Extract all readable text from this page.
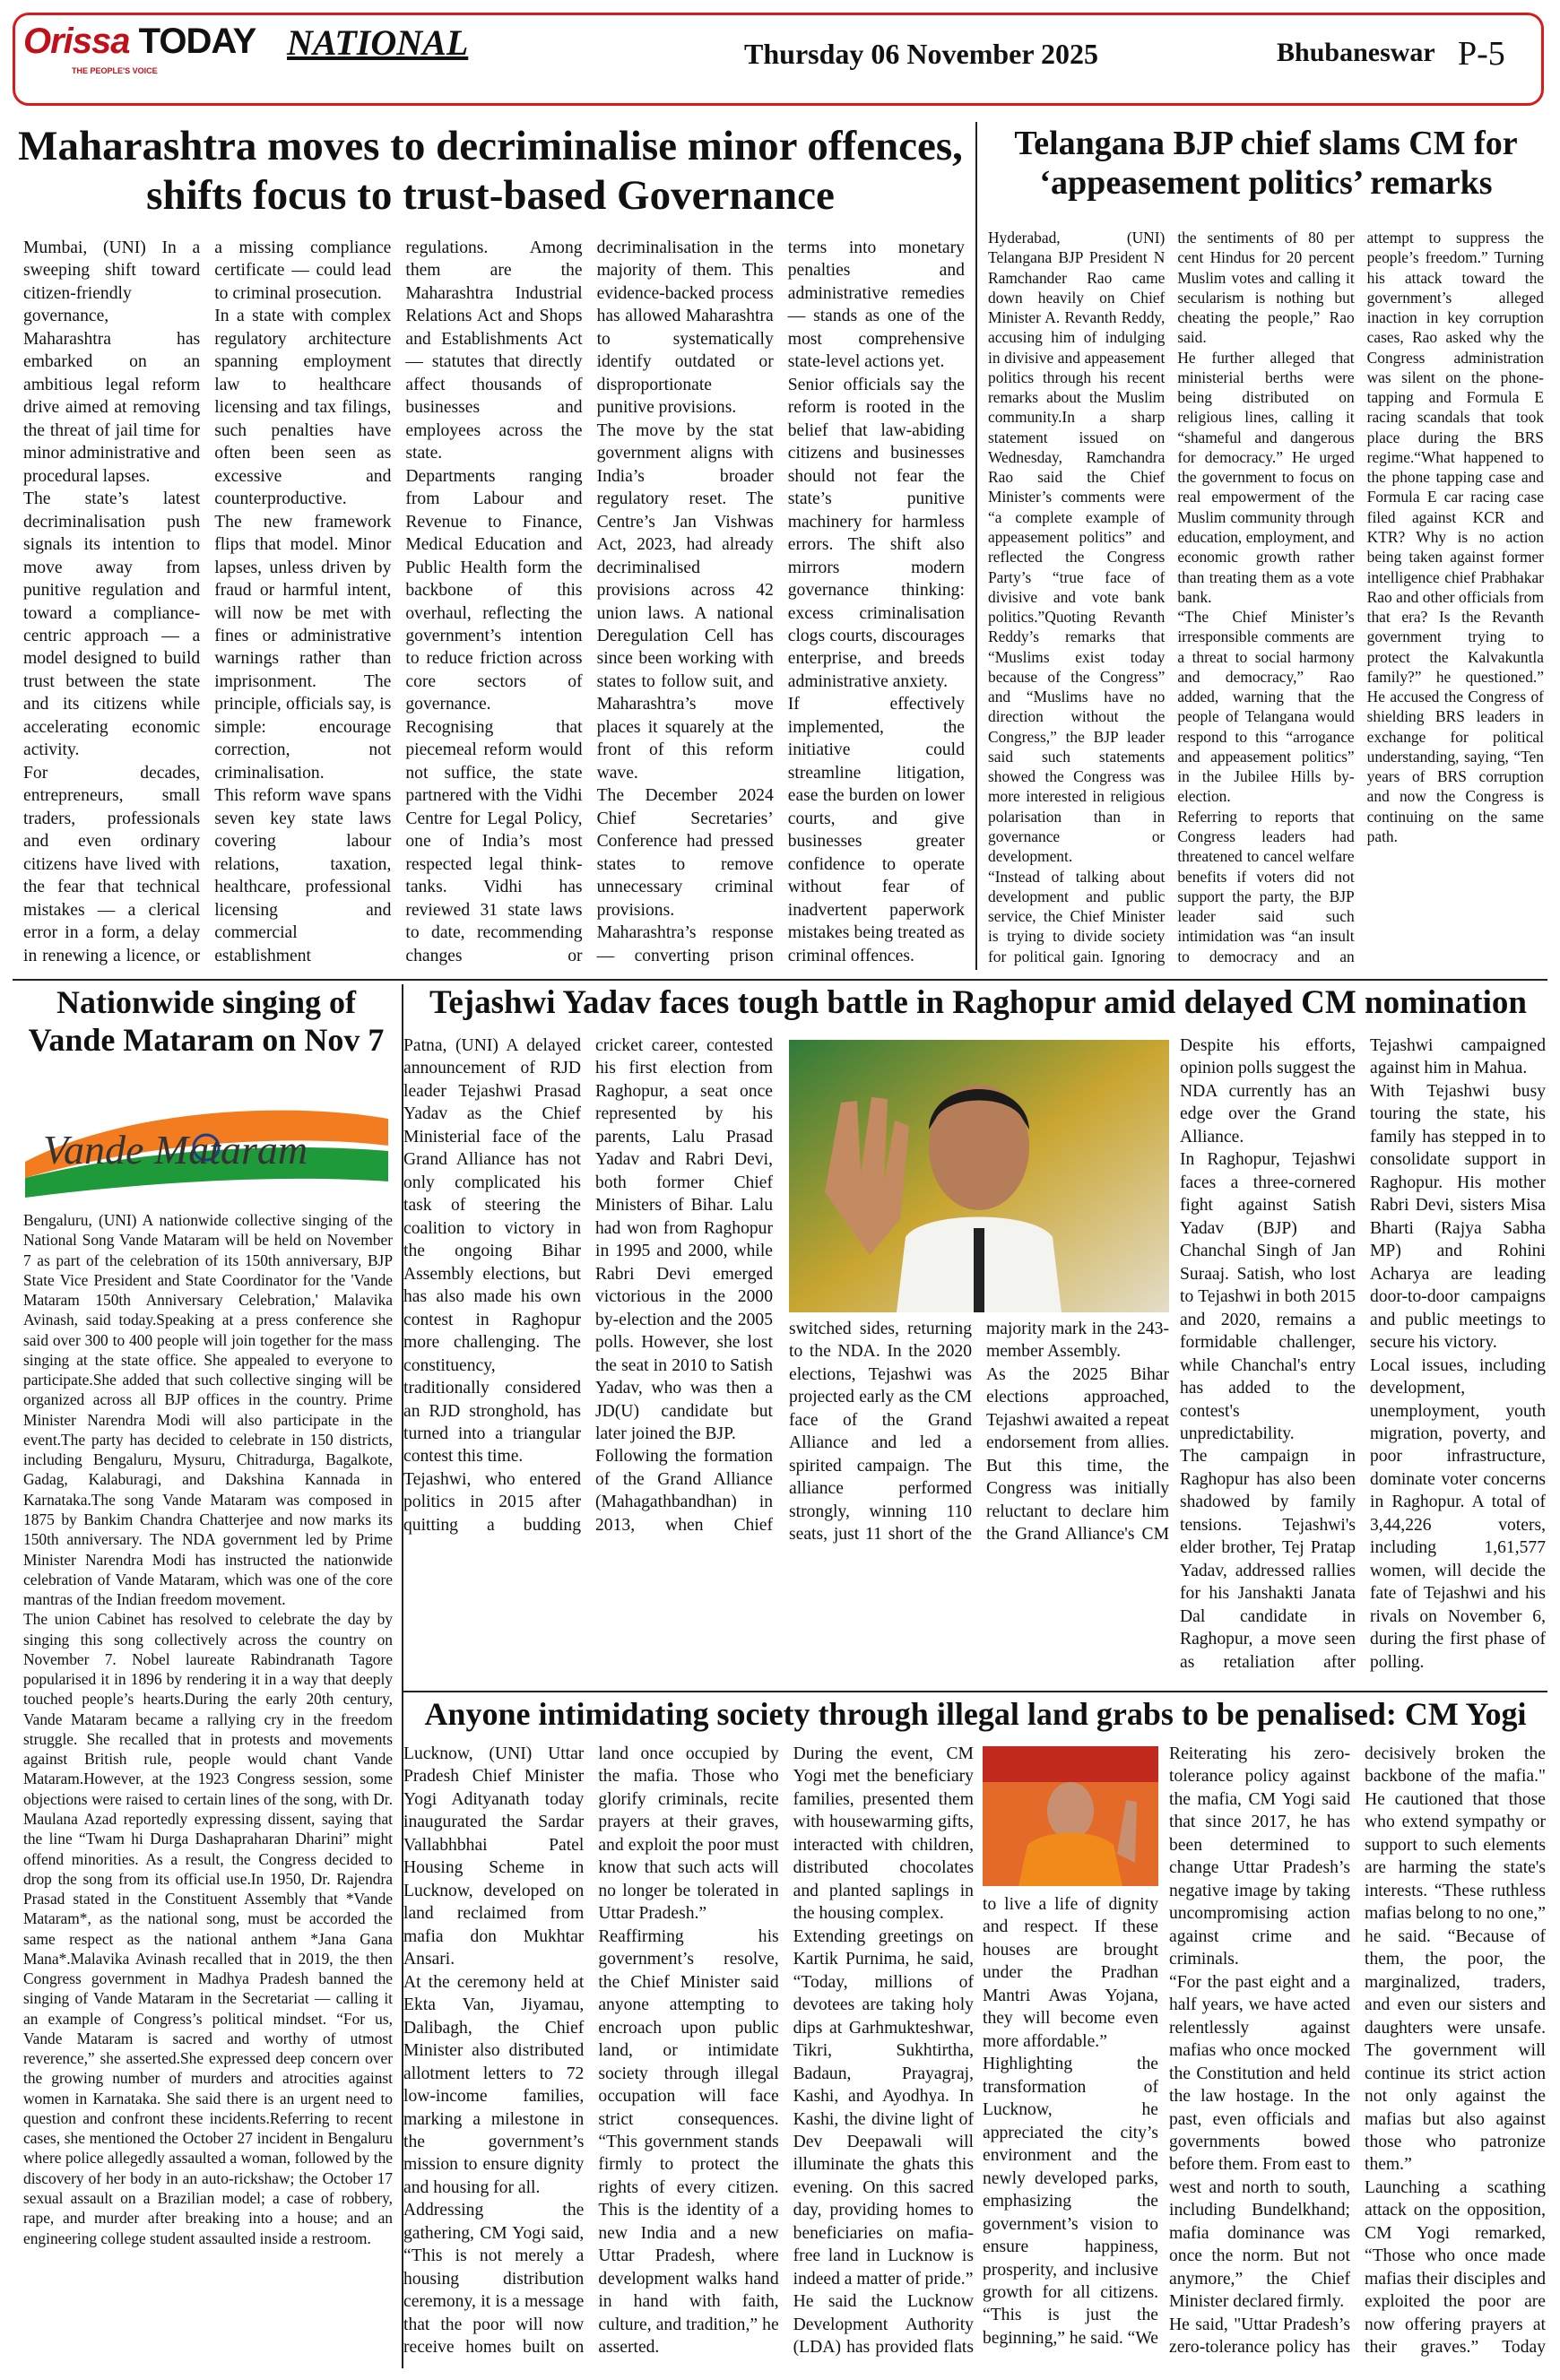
Orissa TODAY
THE PEOPLE'S VOICE
NATIONAL	Thursday 06 November 2025	Bhubaneswar P-5
Maharashtra moves to decriminalise minor offences, shifts focus to trust-based Governance

Mumbai, (UNI) In a sweeping shift toward citizen-friendly governance, Maharashtra has embarked on an ambitious legal reform drive aimed at removing the threat of jail time for minor administrative and procedural lapses.

The state’s latest decriminalisation push signals its intention to move away from punitive regulation and toward a compliance-centric approach — a model designed to build trust between the state and its citizens while accelerating economic activity.

For decades, entrepreneurs, small traders, professionals and even ordinary citizens have lived with the fear that technical mistakes — a clerical error in a form, a delay in renewing a licence, or a missing compliance certificate — could lead to criminal prosecution.

In a state with complex regulatory architecture spanning employment law to healthcare licensing and tax filings, such penalties have often been seen as excessive and counterproductive.

The new framework flips that model. Minor lapses, unless driven by fraud or harmful intent, will now be met with fines or administrative warnings rather than imprisonment. The principle, officials say, is simple: encourage correction, not criminalisation.

This reform wave spans seven key state laws covering labour relations, taxation, healthcare, professional licensing and commercial establishment regulations. Among them are the Maharashtra Industrial Relations Act and Shops and Establishments Act — statutes that directly affect thousands of businesses and employees across the state.

Departments ranging from Labour and Revenue to Finance, Medical Education and Public Health form the backbone of this overhaul, reflecting the government’s intention to reduce friction across core sectors of governance.

Recognising that piecemeal reform would not suffice, the state partnered with the Vidhi Centre for Legal Policy, one of India’s most respected legal think-tanks. Vidhi has reviewed 31 state laws to date, recommending changes or decriminalisation in the majority of them. This evidence-backed process has allowed Maharashtra to systematically identify outdated or disproportionate punitive provisions.

The move by the stat government aligns with India’s broader regulatory reset. The Centre’s Jan Vishwas Act, 2023, had already decriminalised provisions across 42 union laws. A national Deregulation Cell has since been working with states to follow suit, and Maharashtra’s move places it squarely at the front of this reform wave.

The December 2024 Chief Secretaries’ Conference had pressed states to remove unnecessary criminal provisions. Maharashtra’s response — converting prison terms into monetary penalties and administrative remedies — stands as one of the most comprehensive state-level actions yet.

Senior officials say the reform is rooted in the belief that law-abiding citizens and businesses should not fear the state’s punitive machinery for harmless errors. The shift also mirrors modern governance thinking: excess criminalisation clogs courts, discourages enterprise, and breeds administrative anxiety.

If effectively implemented, the initiative could streamline litigation, ease the burden on lower courts, and give businesses greater confidence to operate without fear of inadvertent paperwork mistakes being treated as criminal offences.

Telangana BJP chief slams CM for ‘appeasement politics’ remarks

Hyderabad, (UNI) Telangana BJP President N Ramchander Rao came down heavily on Chief Minister A. Revanth Reddy, accusing him of indulging in divisive and appeasement politics through his recent remarks about the Muslim community.In a sharp statement issued on Wednesday, Ramchandra Rao said the Chief Minister’s comments were “a complete example of appeasement politics” and reflected the Congress Party’s “true face of divisive and vote bank politics.”Quoting Revanth Reddy’s remarks that “Muslims exist today because of the Congress” and “Muslims have no direction without the Congress,” the BJP leader said such statements showed the Congress was more interested in religious polarisation than in governance or development.

“Instead of talking about development and public service, the Chief Minister is trying to divide society for political gain. Ignoring the sentiments of 80 per cent Hindus for 20 percent Muslim votes and calling it secularism is nothing but cheating the people,” Rao said.

He further alleged that ministerial berths were being distributed on religious lines, calling it “shameful and dangerous for democracy.” He urged the government to focus on real empowerment of the Muslim community through education, employment, and economic growth rather than treating them as a vote bank.

“The Chief Minister’s irresponsible comments are a threat to social harmony and democracy,” Rao added, warning that the people of Telangana would respond to this “arrogance and appeasement politics” in the Jubilee Hills by-election.

Referring to reports that Congress leaders had threatened to cancel welfare benefits if voters did not support the party, the BJP leader said such intimidation was “an insult to democracy and an attempt to suppress the people’s freedom.” Turning his attack toward the government’s alleged inaction in key corruption cases, Rao asked why the Congress administration was silent on the phone-tapping and Formula E racing scandals that took place during the BRS regime.“What happened to the phone tapping case and Formula E car racing case filed against KCR and KTR? Why is no action being taken against former intelligence chief Prabhakar Rao and other officials from that era? Is the Revanth government trying to protect the Kalvakuntla family?” he questioned.” He accused the Congress of shielding BRS leaders in exchange for political understanding, saying, “Ten years of BRS corruption and now the Congress is continuing on the same path.

Nationwide singing of Vande Mataram on Nov 7
Vande Mataram

Bengaluru, (UNI) A nationwide collective singing of the National Song Vande Mataram will be held on November 7 as part of the celebration of its 150th anniversary, BJP State Vice President and State Coordinator for the 'Vande Mataram 150th Anniversary Celebration,' Malavika Avinash, said today.Speaking at a press conference she said over 300 to 400 people will join together for the mass singing at the state office. She appealed to everyone to participate.She added that such collective singing will be organized across all BJP offices in the country. Prime Minister Narendra Modi will also participate in the event.The party has decided to celebrate in 150 districts, including Bengaluru, Mysuru, Chitradurga, Bagalkote, Gadag, Kalaburagi, and Dakshina Kannada in Karnataka.The song Vande Mataram was composed in 1875 by Bankim Chandra Chatterjee and now marks its 150th anniversary. The NDA government led by Prime Minister Narendra Modi has instructed the nationwide celebration of Vande Mataram, which was one of the core mantras of the Indian freedom movement.

The union Cabinet has resolved to celebrate the day by singing this song collectively across the country on November 7. Nobel laureate Rabindranath Tagore popularised it in 1896 by rendering it in a way that deeply touched people’s hearts.During the early 20th century, Vande Mataram became a rallying cry in the freedom struggle. She recalled that in protests and movements against British rule, people would chant Vande Mataram.However, at the 1923 Congress session, some objections were raised to certain lines of the song, with Dr. Maulana Azad reportedly expressing dissent, saying that the line “Twam hi Durga Dashapraharan Dharini” might offend minorities. As a result, the Congress decided to drop the song from its official use.In 1950, Dr. Rajendra Prasad stated in the Constituent Assembly that *Vande Mataram*, as the national song, must be accorded the same respect as the national anthem *Jana Gana Mana*.Malavika Avinash recalled that in 2019, the then Congress government in Madhya Pradesh banned the singing of Vande Mataram in the Secretariat — calling it an example of Congress’s political mindset. “For us, Vande Mataram is sacred and worthy of utmost reverence,” she asserted.She expressed deep concern over the growing number of murders and atrocities against women in Karnataka. She said there is an urgent need to question and confront these incidents.Referring to recent cases, she mentioned the October 27 incident in Bengaluru where police allegedly assaulted a woman, followed by the discovery of her body in an auto-rickshaw; the October 17 sexual assault on a Brazilian model; a case of robbery, rape, and murder after breaking into a house; and an engineering college student assaulted inside a restroom.

Tejashwi Yadav faces tough battle in Raghopur amid delayed CM nomination

Patna, (UNI) A delayed announcement of RJD leader Tejashwi Prasad Yadav as the Chief Ministerial face of the Grand Alliance has not only complicated his task of steering the coalition to victory in the ongoing Bihar Assembly elections, but has also made his own contest in Raghopur more challenging. The constituency, traditionally considered an RJD stronghold, has turned into a triangular contest this time.

Tejashwi, who entered politics in 2015 after quitting a budding cricket career, contested his first election from Raghopur, a seat once represented by his parents, Lalu Prasad Yadav and Rabri Devi, both former Chief Ministers of Bihar. Lalu had won from Raghopur in 1995 and 2000, while Rabri Devi emerged victorious in the 2000 by-election and the 2005 polls. However, she lost the seat in 2010 to Satish Yadav, who was then a JD(U) candidate but later joined the BJP.

Following the formation of the Grand Alliance (Mahagathbandhan) in 2013, when Chief

switched sides, returning to the NDA. In the 2020 elections, Tejashwi was projected early as the CM face of the Grand Alliance and led a spirited campaign. The alliance performed strongly, winning 110 seats, just 11 short of the majority mark in the 243-member Assembly.

As the 2025 Bihar elections approached, Tejashwi awaited a repeat endorsement from allies. But this time, the Congress was initially reluctant to declare him the Grand Alliance's CM

Despite his efforts, opinion polls suggest the NDA currently has an edge over the Grand Alliance.

In Raghopur, Tejashwi faces a three-cornered fight against Satish Yadav (BJP) and Chanchal Singh of Jan Suraaj. Satish, who lost to Tejashwi in both 2015 and 2020, remains a formidable challenger, while Chanchal's entry has added to the contest's unpredictability.

The campaign in Raghopur has also been shadowed by family tensions. Tejashwi's elder brother, Tej Pratap Yadav, addressed rallies for his Janshakti Janata Dal candidate in Raghopur, a move seen as retaliation after Tejashwi campaigned against him in Mahua.

With Tejashwi busy touring the state, his family has stepped in to consolidate support in Raghopur. His mother Rabri Devi, sisters Misa Bharti (Rajya Sabha MP) and Rohini Acharya are leading door-to-door campaigns and public meetings to secure his victory.

Local issues, including development, unemployment, youth migration, poverty, and poor infrastructure, dominate voter concerns in Raghopur. A total of 3,44,226 voters, including 1,61,577 women, will decide the fate of Tejashwi and his rivals on November 6, during the first phase of polling.

Anyone intimidating society through illegal land grabs to be penalised: CM Yogi

Lucknow, (UNI) Uttar Pradesh Chief Minister Yogi Adityanath today inaugurated the Sardar Vallabhbhai Patel Housing Scheme in Lucknow, developed on land reclaimed from mafia don Mukhtar Ansari.

At the ceremony held at Ekta Van, Jiyamau, Dalibagh, the Chief Minister also distributed allotment letters to 72 low-income families, marking a milestone in the government’s mission to ensure dignity and housing for all.

Addressing the gathering, CM Yogi said, “This is not merely a housing distribution ceremony, it is a message that the poor will now receive homes built on land once occupied by the mafia. Those who glorify criminals, recite prayers at their graves, and exploit the poor must know that such acts will no longer be tolerated in Uttar Pradesh.”

Reaffirming his government’s resolve, the Chief Minister said anyone attempting to encroach upon public land, or intimidate society through illegal occupation will face strict consequences. “This government stands firmly to protect the rights of every citizen. This is the identity of a new India and a new Uttar Pradesh, where development walks hand in hand with faith, culture, and tradition,” he asserted.

During the event, CM Yogi met the beneficiary families, presented them with housewarming gifts, interacted with children, distributed chocolates and planted saplings in the housing complex.

Extending greetings on Kartik Purnima, he said, “Today, millions of devotees are taking holy dips at Garhmukteshwar, Tikri, Sukhtirtha, Badaun, Prayagraj, Kashi, and Ayodhya. In Kashi, the divine light of Dev Deepawali will illuminate the ghats this evening. On this sacred day, providing homes to beneficiaries on mafia-free land in Lucknow is indeed a matter of pride.”

He said the Lucknow Development Authority (LDA) has provided flats

to live a life of dignity and respect. If these houses are brought under the Pradhan Mantri Awas Yojana, they will become even more affordable.”

Highlighting the transformation of Lucknow, he appreciated the city’s environment and the newly developed parks, emphasizing the government’s vision to ensure happiness, prosperity, and inclusive growth for all citizens. “This is just the beginning,” he said. “We

Reiterating his zero-tolerance policy against the mafia, CM Yogi said that since 2017, he has been determined to change Uttar Pradesh’s negative image by taking uncompromising action against crime and criminals.

“For the past eight and a half years, we have acted relentlessly against mafias who once mocked the Constitution and held the law hostage. In the past, even officials and governments bowed before them. From east to west and north to south, including Bundelkhand; mafia dominance was once the norm. But not anymore,” the Chief Minister declared firmly.

He said, "Uttar Pradesh’s zero-tolerance policy has decisively broken the backbone of the mafia." He cautioned that those who extend sympathy or support to such elements are harming the state's interests. “These ruthless mafias belong to no one,” he said. “Because of them, the poor, the marginalized, traders, and even our sisters and daughters were unsafe. The government will continue its strict action not only against the mafias but also against those who patronize them.”

Launching a scathing attack on the opposition, CM Yogi remarked, “Those who once made mafias their disciples and exploited the poor are now offering prayers at their graves.” Today
